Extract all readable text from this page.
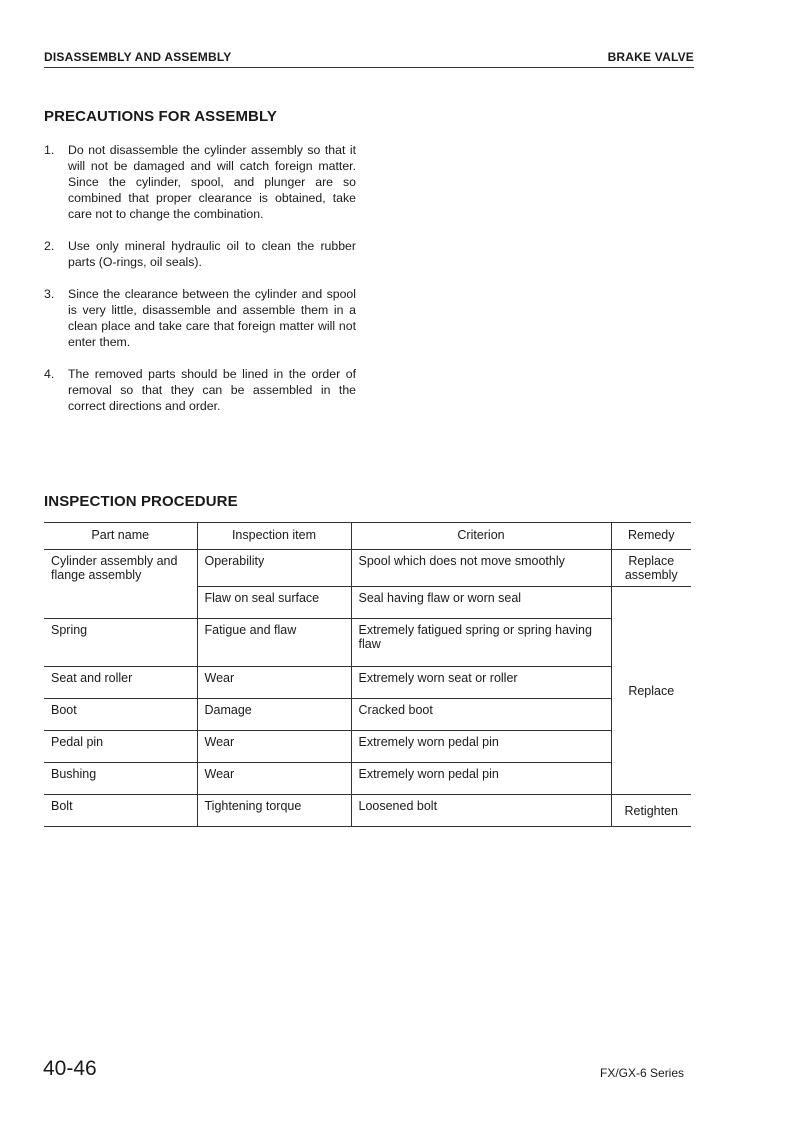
DISASSEMBLY AND ASSEMBLY	BRAKE VALVE
PRECAUTIONS FOR ASSEMBLY
1. Do not disassemble the cylinder assembly so that it will not be damaged and will catch foreign matter. Since the cylinder, spool, and plunger are so combined that proper clearance is obtained, take care not to change the combination.
2. Use only mineral hydraulic oil to clean the rubber parts (O-rings, oil seals).
3. Since the clearance between the cylinder and spool is very little, disassemble and assemble them in a clean place and take care that foreign matter will not enter them.
4. The removed parts should be lined in the order of removal so that they can be assembled in the correct directions and order.
INSPECTION PROCEDURE
Part name	Inspection item	Criterion	Remedy
Cylinder assembly and flange assembly	Operability	Spool which does not move smoothly	Replace assembly
	Flaw on seal surface	Seal having flaw or worn seal	Replace
Spring	Fatigue and flaw	Extremely fatigued spring or spring having flaw	
Seat and roller	Wear	Extremely worn seat or roller	
Boot	Damage	Cracked boot	
Pedal pin	Wear	Extremely worn pedal pin	
Bushing	Wear	Extremely worn pedal pin	
Bolt	Tightening torque	Loosened bolt	Retighten
40-46	FX/GX-6 Series
